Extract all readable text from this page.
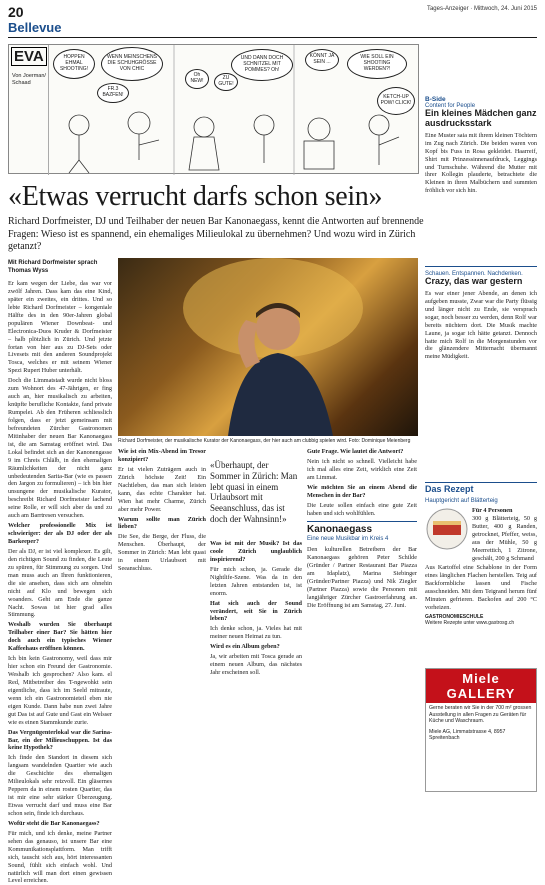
20	Tages-Anzeiger · Mittwoch, 24. Juni 2015
Bellevue
EVA
Von Joerman/ Schaad
HOPPEN EHMAL SHOOTING!
WENN MEINSCHENS DIE SCHUHGRÖSSE VON CHIC
FR.3 BAZFEN!
Oh NEW!	ZU GUTE!
UND DANN DOCH SCHNITZEL MIT POMMES? Oh!
KÖNNT JA SEIN ...
WIE SOLL EIN SHOOTING WERDEN?!
KETCH-UP POW! CLICK!
«Etwas verrucht darfs schon sein»
Richard Dorfmeister, DJ und Teilhaber der neuen Bar Kanonaegass, kennt die Antworten auf brennende Fragen: Wieso ist es spannend, ein ehemaliges Milieulokal zu übernehmen? Und wozu wird in Zürich getanzt?
Mit Richard Dorfmeister sprach Thomas Wyss

Er kam wegen der Liebe, das war vor zwölf Jahren. Dass kam das eine Kind, später ein zweites, ein drittes. Und so lebte Richard Dorfmeister – kongeniale Hälfte des in den 90er-Jahren global populären Wiener Downbeat- und Electronica-Duos Kruder & Dorfmeister – halb plötzlich in Zürich. Und jetzte fortan von hier aus zu DJ-Sets oder Livesets mit den anderen Soundprojekt Tosca, welches er mit seinem Wiener Spezi Rupert Huber unterhält.

Doch die Limmatstadt wurde nicht bloss zum Wohnort des 47-Jährigen, er fing auch an, hier musikalisch zu arbeiten, knüpfte berufliche Kontakte, fand private Rumpelei. Ab den Früheren schliesslich folgen, dass er jetzt gemeinsam mit befreundeten Zürcher Gastronomen Mitinhaber der neuen Bar Kanonaegass ist, die am Samstag eröffnet wird. Das Lokal befindet sich an der Kanonengasse 9 im Chreis Chlälb, in den ehemaligen Räumlichkeiten der nicht ganz unbedeutenden Sarita-Bar (wie es passen den Jargon zu formulieren) – ich bin hier unsungene der musikalische Kurator, beschreibt Richard Dorfmeister lachend seine Rolle, er will sich aber da und zu auch am Barrtresen versuchen.

Welcher professionelle Mix ist schwieriger: der als DJ oder der als Barkeeper?

Der als DJ, er ist viel komplexer. Es gilt, den richtigen Sound zu finden, die Leute zu spüren, für Stimmung zu sorgen. Und man muss auch an Ihren funktionieren, die sie ansehen, dass sich am ohnehin nicht auf Klo und bewegen sich woanders. Geht am Ende die ganze Nacht. Sowas ist hier grad alles Stimmung.

Weshalb wurden Sie überhaupt Teilhaber einer Bar? Sie hätten hier doch auch ein typisches Wiener Kaffeehaus eröffnen können.

Ich bin kein Gastronomy, weil dass mir hier schon ein Freund der Gastronomie. Weshalb ich gesprochen? Also kam. el Red, Mitbetreiber des T-ngewohkt sein eigentliche, dass ich im Seeld mitraute, wenn ich ein Gastronomieteil eben nie eigen Kunde. Dann habe nun zwei Jahre gut Das ist auf Gute und Gast ein Welsser wie es einen Stammkunde zurie.

Das Vergnügenterlokal war die Sarina-Bar, ein der Milieuschuppen. Ist das keine Hypothek?

Ich finde den Standort in diesem sich langsam wandelnden Quartier wie auch die Geschichte des ehemaligen Milieulokals sehr reizvoll. Ein gläsernes Peppern da in einem rosten Quartier, das ist mir eine sehr stärker Überzeugung. Etwas verrucht darf und muss eine Bar schon sein, finde ich durchaus.

Wofür steht die Bar Kanonaegass?

Für mich, und ich denke, meine Partner sehen das genauso, ist unsere Bar eine Kommunikationsplattform. Man trifft sich, tauscht sich aus, hört interessanten Sound, fühlt sich einfach wohl. Und natürlich will man dort einen gewissen Level erreichen.

Richard Dorfmeister, der musikalische Kurator der Kanonaegass, der hier auch am clubbig spielen wird. Foto: Dominique Meienberg

Wie ist ein Mix-Abend im Tresor konzipiert?

Er ist vielen Zuträgern auch in Zürich höchste Zeit! Ein Nachtleben, das man sich leisten kann, das echte Charakter hat. Wien hat mehr Charme, Zürich aber mehr Power.

Warum sollte man Zürich lieben?

Die See, die Berge, der Fluss, die Menschen. Überhaupt, der Sommer in Zürich: Man lebt quasi in einem Urlaubsort mit Seeanschluss.

«Überhaupt, der Sommer in Zürich: Man lebt quasi in einem Urlaubsort mit Seeanschluss, das ist doch der Wahnsinn!»

Was ist mit der Musik? Ist das coole Zürich unglaublich inspirierend?

Für mich schon, ja. Gerade die Nightlife-Szene. Was da in den letzten Jahren entstanden ist, ist enorm.

Hat sich auch der Sound verändert, seit Sie in Zürich leben?

Ich denke schon, ja. Vieles hat mit meiner neuen Heimat zu tun.

Wird es ein Album geben?

Ja, wir arbeiten mit Tosca gerade an einem neuen Album, das nächstes Jahr erscheinen soll.

Gute Frage. Wie lautet die Antwort?

Nein ich nicht so schnell. Vielleicht habe ich mal alles eine Zeit, wirklich eine Zeit am Limmat.

Wie möchten Sie an einem Abend die Menschen in der Bar?

Die Leute sollen einfach eine gute Zeit haben und sich wohlfühlen.

Kanonaegass
Eine neue Musikbar im Kreis 4

Den kulturellen Betreibern der Bar Kanonaegass gehören Peter Schilde (Gründer / Partner Restaurant Bar Piazza am Idaplatz), Marina Siebinger (Gründer/Partner Piazza) und Nik Ziegler (Partner Piazza) sowie die Personen mit langjähriger Zürcher Gastroerfahrung an. Die Eröffnung ist am Samstag, 27. Juni.

B-Side
Content for People
Ein kleines Mädchen ganz ausdrucksstark
Eine Muster saia mit ihrem kleinen Töchtern im Zug nach Zürich. Die beiden waren von Kopf bis Fuss in Rosa gekleidet. Haarreif, Shirt mit Prinzessinnenaufdruck, Leggings und Turnschuhe. Während die Mutter mit ihrer Kollegin plauderte, betrachtete die Kleinen in ihren Malbüchern und summten fröhlich vor sich hin.
Schauen. Entspannen. Nachdenken.
Crazy, das war gestern
Es war einer jener Abende, an denen ich aufgeben musste, Zwar war die Party flüssig und länger nicht zu Ende, sie versprach sogar, noch besser zu werden, denn Rolf war bereits nüchtern dort. Die Musik machte Laune, ja sogar ich hätte getanzt. Dennoch hatte mich Rolf in die Morgenstunden vor die glänzendere Mitternacht übermannt meine Müdigkeit.
Das Rezept
Hauptgericht auf Blätterteig
Für 4 Personen
300 g Blätterteig, 50 g Butter, 400 g Randen, getrocknet, Pfeffer, weiss, aus der Mühle, 50 g Meerrettich, 1 Zitrone, geschält, 200 g Schmand
Aus Kartoffel eine Schablone in der Form eines länglichen Flachen herstellen. Teig auf Backformbliche lassen und Fische ausschneiden. Mit dem Teigrand herum fünf Minuten gefrieren. Backofen auf 200 °C vorheizen.
GASTRONOMIESCHULE
Weitere Rezepte unter www.gastrosg.ch
Miele GALLERY
Gerne beraten wir Sie in der 700 m² grossen Ausstellung in allen Fragen zu Geräten für Küche und Waschraum.
Miele AG, Limmatstrasse 4, 8957 Spreitenbach
